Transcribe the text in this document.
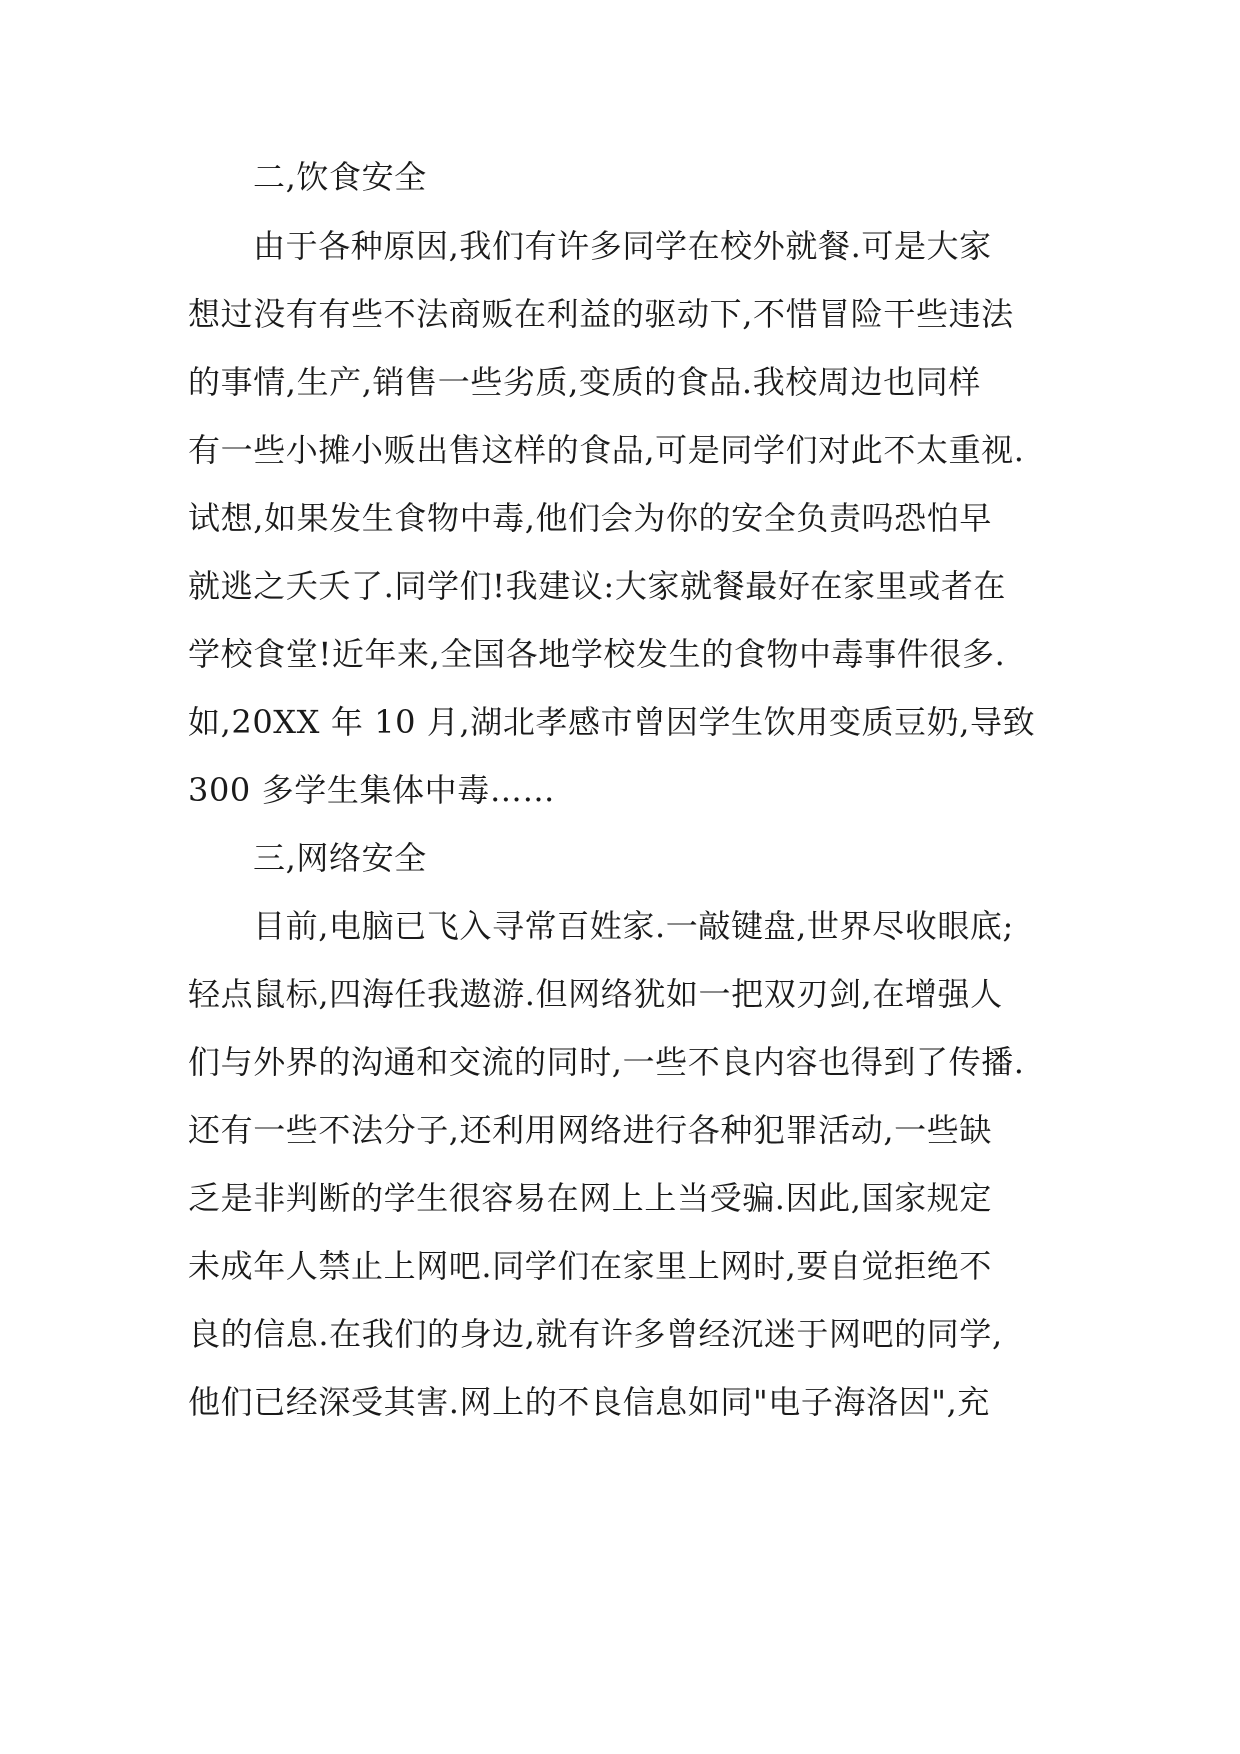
二,饮食安全

由于各种原因,我们有许多同学在校外就餐.可是大家

想过没有有些不法商贩在利益的驱动下,不惜冒险干些违法

的事情,生产,销售一些劣质,变质的食品.我校周边也同样

有一些小摊小贩出售这样的食品,可是同学们对此不太重视.

试想,如果发生食物中毒,他们会为你的安全负责吗恐怕早

就逃之夭夭了.同学们!我建议:大家就餐最好在家里或者在

学校食堂!近年来,全国各地学校发生的食物中毒事件很多.

如,20XX 年 10 月,湖北孝感市曾因学生饮用变质豆奶,导致

300 多学生集体中毒……

三,网络安全

目前,电脑已飞入寻常百姓家.一敲键盘,世界尽收眼底;

轻点鼠标,四海任我遨游.但网络犹如一把双刃剑,在增强人

们与外界的沟通和交流的同时,一些不良内容也得到了传播.

还有一些不法分子,还利用网络进行各种犯罪活动,一些缺

乏是非判断的学生很容易在网上上当受骗.因此,国家规定

未成年人禁止上网吧.同学们在家里上网时,要自觉拒绝不

良的信息.在我们的身边,就有许多曾经沉迷于网吧的同学,

他们已经深受其害.网上的不良信息如同"电子海洛因",充
